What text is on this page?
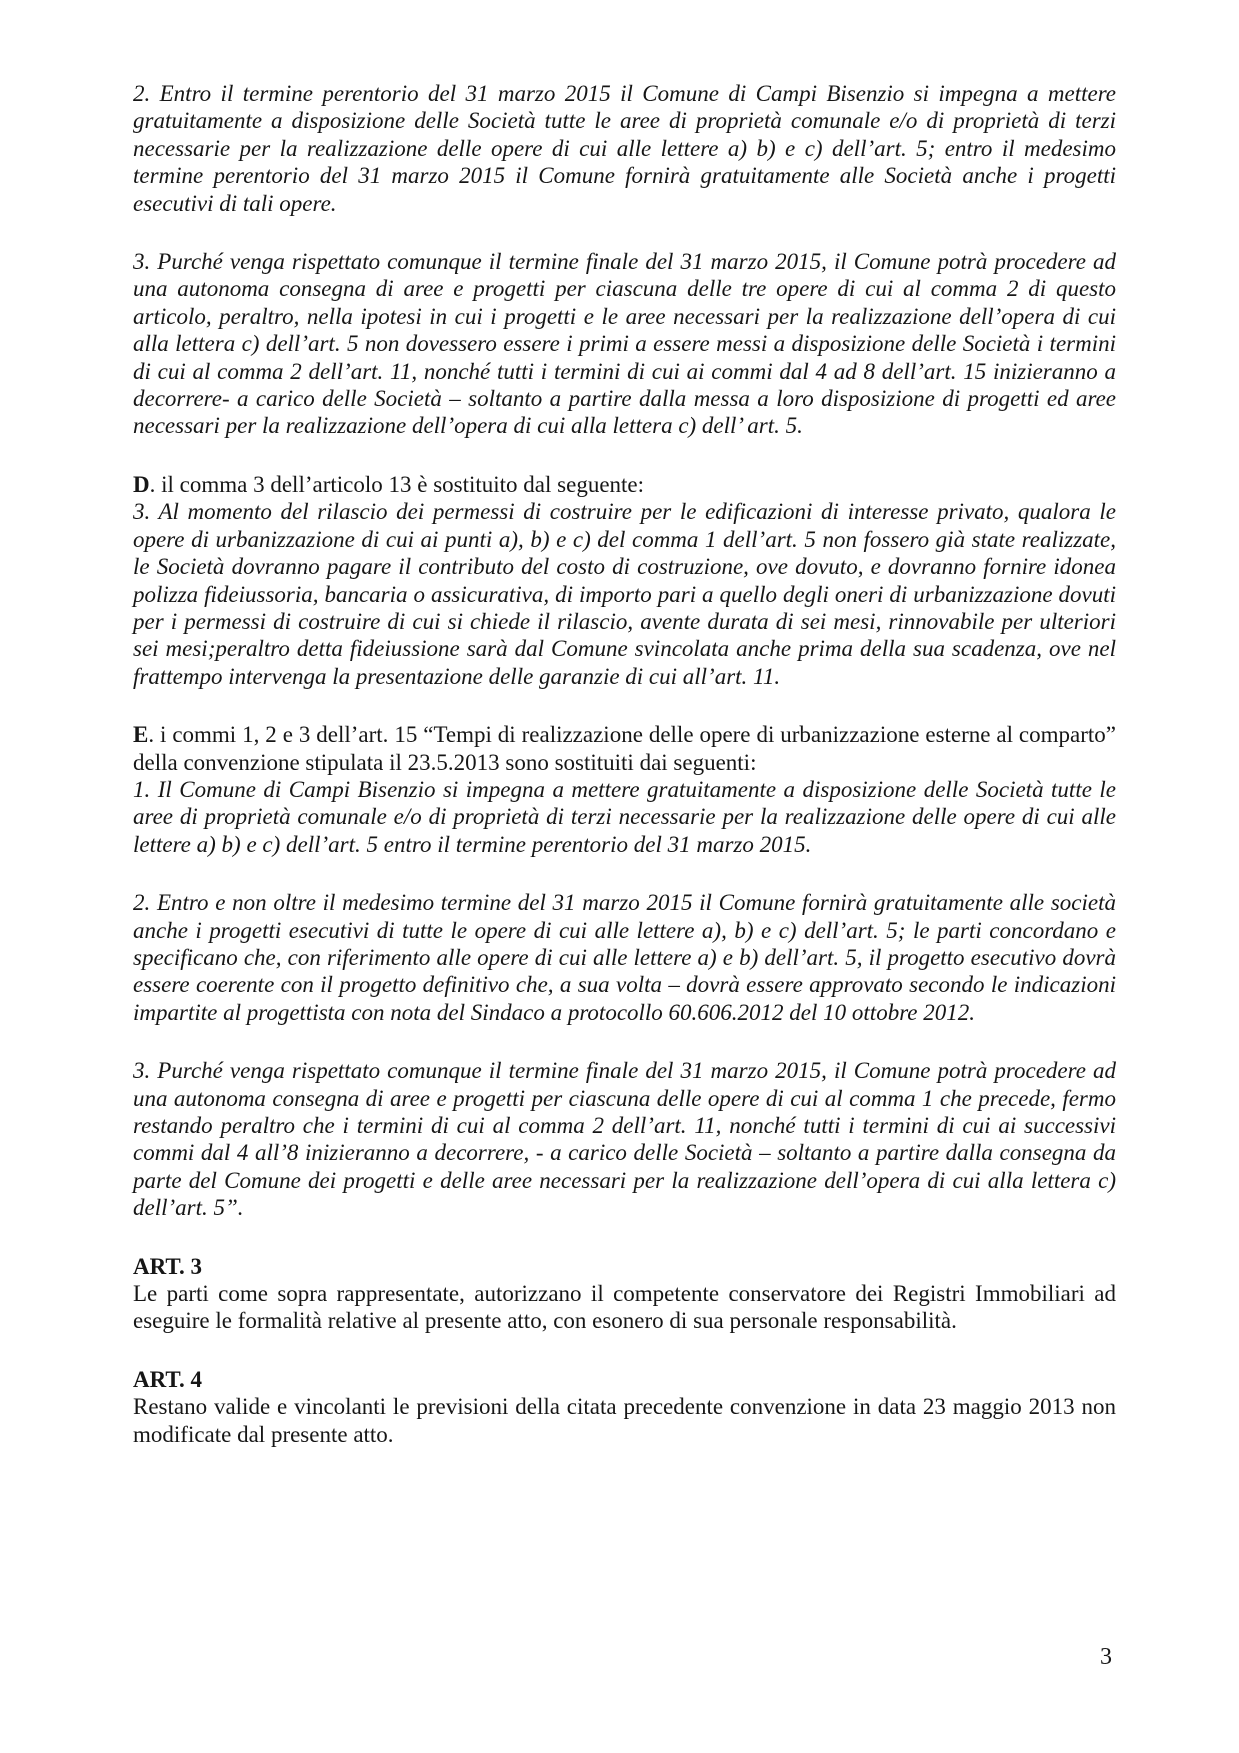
2. Entro il termine perentorio del 31 marzo 2015 il Comune di Campi Bisenzio si impegna a mettere gratuitamente a disposizione delle Società tutte le aree di proprietà comunale e/o di proprietà di terzi necessarie per la realizzazione delle opere di cui alle lettere a) b) e c) dell’art. 5; entro il medesimo termine perentorio del 31 marzo 2015 il Comune fornirà gratuitamente alle Società anche i progetti esecutivi di tali opere.

3. Purché venga rispettato comunque il termine finale del 31 marzo 2015, il Comune potrà procedere ad una autonoma consegna di aree e progetti per ciascuna delle tre opere di cui al comma 2 di questo articolo, peraltro, nella ipotesi in cui i progetti e le aree necessari per la realizzazione dell’opera di cui alla lettera c) dell’art. 5 non dovessero essere i primi a essere messi a disposizione delle Società i termini di cui al comma 2 dell’art. 11, nonché tutti i termini di cui ai commi dal 4 ad 8 dell’art. 15 inizieranno a decorrere- a carico delle Società – soltanto a partire dalla messa a loro disposizione di progetti ed aree necessari per la realizzazione dell’opera di cui alla lettera c) dell’ art. 5.

D. il comma 3 dell’articolo 13 è sostituito dal seguente:

3. Al momento del rilascio dei permessi di costruire per le edificazioni di interesse privato, qualora le opere di urbanizzazione di cui ai punti a), b) e c) del comma 1 dell’art. 5 non fossero già state realizzate, le Società dovranno pagare il contributo del costo di costruzione, ove dovuto, e dovranno fornire idonea polizza fideiussoria, bancaria o assicurativa, di importo pari a quello degli oneri di urbanizzazione dovuti per i permessi di costruire di cui si chiede il rilascio, avente durata di sei mesi, rinnovabile per ulteriori sei mesi;peraltro detta fideiussione sarà dal Comune svincolata anche prima della sua scadenza, ove nel frattempo intervenga la presentazione delle garanzie di cui all’art. 11.

E. i commi 1, 2 e 3 dell’art. 15 “Tempi di realizzazione delle opere di urbanizzazione esterne al comparto” della convenzione stipulata il 23.5.2013 sono sostituiti dai seguenti:

1. Il Comune di Campi Bisenzio si impegna a mettere gratuitamente a disposizione delle Società tutte le aree di proprietà comunale e/o di proprietà di terzi necessarie per la realizzazione delle opere di cui alle lettere a) b) e c) dell’art. 5 entro il termine perentorio del 31 marzo 2015.

2. Entro e non oltre il medesimo termine del 31 marzo 2015 il Comune fornirà gratuitamente alle società anche i progetti esecutivi di tutte le opere di cui alle lettere a), b) e c) dell’art. 5; le parti concordano e specificano che, con riferimento alle opere di cui alle lettere a) e b) dell’art. 5, il progetto esecutivo dovrà essere coerente con il progetto definitivo che, a sua volta – dovrà essere approvato secondo le indicazioni impartite al progettista con nota del Sindaco a protocollo 60.606.2012 del 10 ottobre 2012.

3. Purché venga rispettato comunque il termine finale del 31 marzo 2015, il Comune potrà procedere ad una autonoma consegna di aree e progetti per ciascuna delle opere di cui al comma 1 che precede, fermo restando peraltro che i termini di cui al comma 2 dell’art. 11, nonché tutti i termini di cui ai successivi commi dal 4 all’8 inizieranno a decorrere, - a carico delle Società – soltanto a partire dalla consegna da parte del Comune dei progetti e delle aree necessari per la realizzazione dell’opera di cui alla lettera c) dell’art. 5”.

ART. 3

Le parti come sopra rappresentate, autorizzano il competente conservatore dei Registri Immobiliari ad eseguire le formalità relative al presente atto, con esonero di sua personale responsabilità.

ART. 4

Restano valide e vincolanti le previsioni della citata precedente convenzione in data 23 maggio 2013 non modificate dal presente atto.

3
